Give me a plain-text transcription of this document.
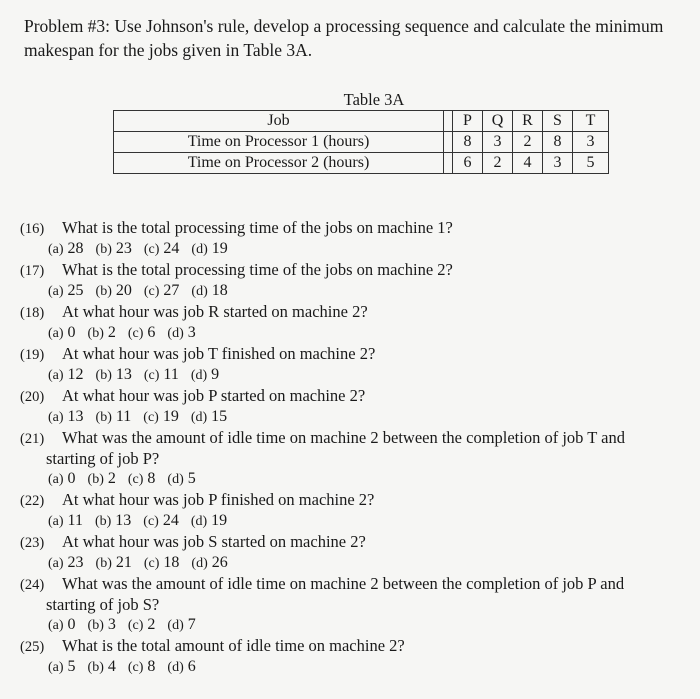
Problem #3: Use Johnson's rule, develop a processing sequence and calculate the minimum makespan for the jobs given in Table 3A.
Table 3A
Job		P	Q	R	S	T
Time on Processor 1 (hours)		8	3	2	8	3
Time on Processor 2 (hours)		6	2	4	3	5
(16) What is the total processing time of the jobs on machine 1?
(a) 28 (b) 23 (c) 24 (d) 19
(17) What is the total processing time of the jobs on machine 2?
(a) 25 (b) 20 (c) 27 (d) 18
(18) At what hour was job R started on machine 2?
(a) 0 (b) 2 (c) 6 (d) 3
(19) At what hour was job T finished on machine 2?
(a) 12 (b) 13 (c) 11 (d) 9
(20) At what hour was job P started on machine 2?
(a) 13 (b) 11 (c) 19 (d) 15
(21) What was the amount of idle time on machine 2 between the completion of job T and
starting of job P?
(a) 0 (b) 2 (c) 8 (d) 5
(22) At what hour was job P finished on machine 2?
(a) 11 (b) 13 (c) 24 (d) 19
(23) At what hour was job S started on machine 2?
(a) 23 (b) 21 (c) 18 (d) 26
(24) What was the amount of idle time on machine 2 between the completion of job P and
starting of job S?
(a) 0 (b) 3 (c) 2 (d) 7
(25) What is the total amount of idle time on machine 2?
(a) 5 (b) 4 (c) 8 (d) 6
